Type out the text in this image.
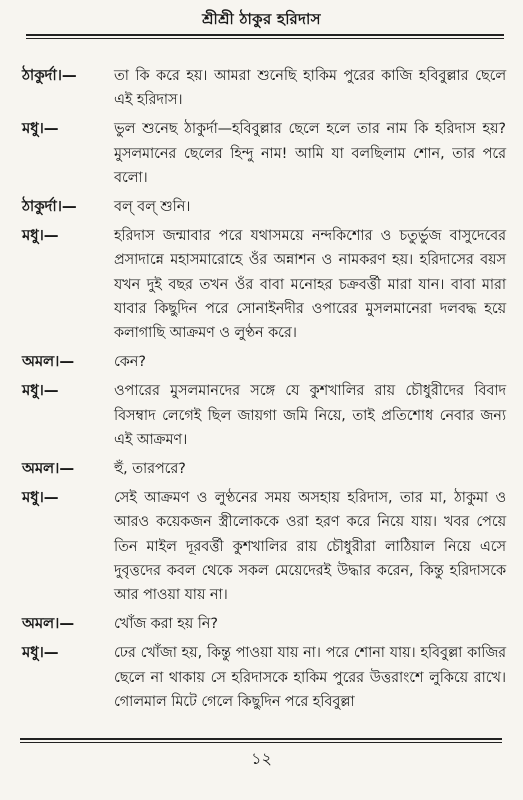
শ্রীশ্রী ঠাকুর হরিদাস
ঠাকুর্দা।—	তা কি করে হয়। আমরা শুনেছি হাকিম পুরের কাজি হবিবুল্লার ছেলে এই হরিদাস।
মধু।—	ভুল শুনেছ ঠাকুর্দা—হবিবুল্লার ছেলে হলে তার নাম কি হরিদাস হয়? মুসলমানের ছেলের হিন্দু নাম! আমি যা বলছিলাম শোন, তার পরে বলো।
ঠাকুর্দা।—	বল্ বল্ শুনি।
মধু।—	হরিদাস জন্মাবার পরে যথাসময়ে নন্দকিশোর ও চতুর্ভুজ বাসুদেবের প্রসাদান্নে মহাসমারোহে ওঁর অন্নাশন ও নামকরণ হয়। হরিদাসের বয়স যখন দুই বছর তখন ওঁর বাবা মনোহর চক্রবর্ত্তী মারা যান। বাবা মারা যাবার কিছুদিন পরে সোনাইনদীর ওপারের মুসলমানেরা দলবদ্ধ হয়ে কলাগাছি আক্রমণ ও লুণ্ঠন করে।
অমল।—	কেন?
মধু।—	ওপারের মুসলমানদের সঙ্গে যে কুশখালির রায় চৌধুরীদের বিবাদ বিসম্বাদ লেগেই ছিল জায়গা জমি নিয়ে, তাই প্রতিশোধ নেবার জন্য এই আক্রমণ।
অমল।—	হুঁ, তারপরে?
মধু।—	সেই আক্রমণ ও লুণ্ঠনের সময় অসহায় হরিদাস, তার মা, ঠাকুমা ও আরও কয়েকজন স্ত্রীলোককে ওরা হরণ করে নিয়ে যায়। খবর পেয়ে তিন মাইল দূরবর্ত্তী কুশখালির রায় চৌধুরীরা লাঠিয়াল নিয়ে এসে দুবৃত্তদের কবল থেকে সকল মেয়েদেরই উদ্ধার করেন, কিন্তু হরিদাসকে আর পাওয়া যায় না।
অমল।—	খোঁজ করা হয় নি?
মধু।—	ঢের খোঁজা হয়, কিন্তু পাওয়া যায় না। পরে শোনা যায়। হবিবুল্লা কাজির ছেলে না থাকায় সে হরিদাসকে হাকিম পুরের উত্তরাংশে লুকিয়ে রাখে। গোলমাল মিটে গেলে কিছুদিন পরে হবিবুল্লা
১২
